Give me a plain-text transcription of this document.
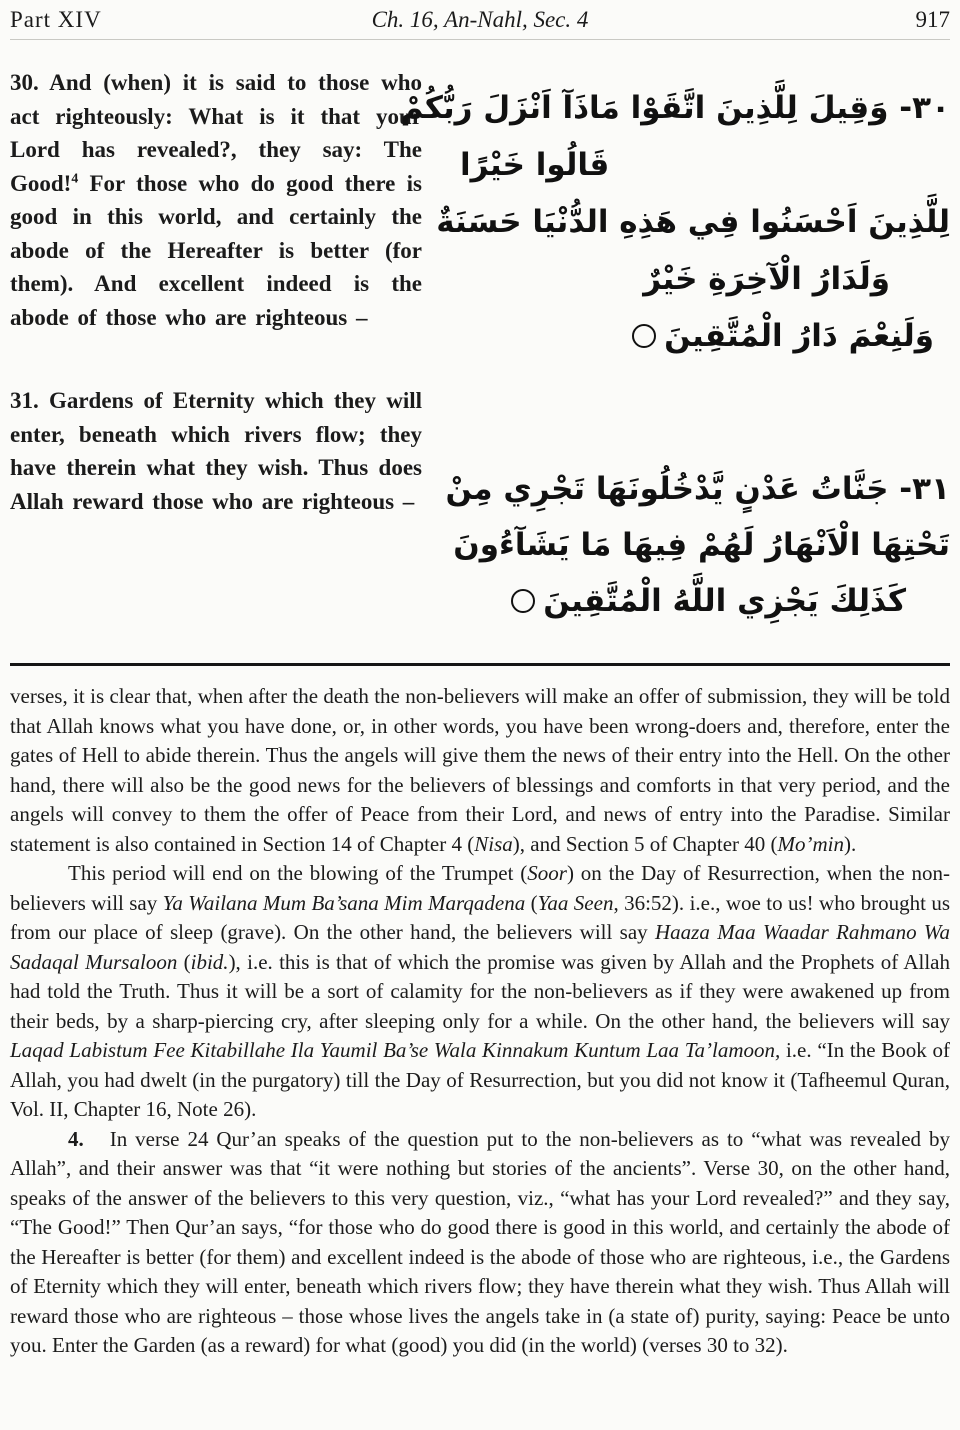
Part XIV	Ch. 16, An-Nahl, Sec. 4	917

30. And (when) it is said to those who act righteously: What is it that your Lord has revealed?, they say: The Good!$^4$ For those who do good there is good in this world, and certainly the abode of the Hereafter is better (for them). And excellent indeed is the abode of those who are righteous –

31. Gardens of Eternity which they will enter, beneath which rivers flow; they have therein what they wish. Thus does Allah reward those who are righteous –

٣٠- وَقِيلَ لِلَّذِينَ اتَّقَوْا مَاذَآ اَنْزَلَ رَبُّكُمْ
قَالُوا خَيْرًا
لِلَّذِينَ اَحْسَنُوا فِي هَذِهِ الدُّنْيَا حَسَنَةٌ
وَلَدَارُ الْآخِرَةِ خَيْرٌ
وَلَنِعْمَ دَارُ الْمُتَّقِينَ
٣١- جَنَّاتُ عَدْنٍ يَّدْخُلُونَهَا تَجْرِي مِنْ
تَحْتِهَا الْاَنْهَارُ لَهُمْ فِيهَا مَا يَشَآءُونَ
كَذَلِكَ يَجْزِي اللَّهُ الْمُتَّقِينَ

verses, it is clear that, when after the death the non-believers will make an offer of submission, they will be told that Allah knows what you have done, or, in other words, you have been wrong-doers and, therefore, enter the gates of Hell to abide therein. Thus the angels will give them the news of their entry into the Hell. On the other hand, there will also be the good news for the believers of blessings and comforts in that very period, and the angels will convey to them the offer of Peace from their Lord, and news of entry into the Paradise. Similar statement is also contained in Section 14 of Chapter 4 (Nisa), and Section 5 of Chapter 40 (Mo’min).

This period will end on the blowing of the Trumpet (Soor) on the Day of Resurrection, when the non-believers will say Ya Wailana Mum Ba’sana Mim Marqadena (Yaa Seen, 36:52). i.e., woe to us! who brought us from our place of sleep (grave). On the other hand, the believers will say Haaza Maa Waadar Rahmano Wa Sadaqal Mursaloon (ibid.), i.e. this is that of which the promise was given by Allah and the Prophets of Allah had told the Truth. Thus it will be a sort of calamity for the non-believers as if they were awakened up from their beds, by a sharp-piercing cry, after sleeping only for a while. On the other hand, the believers will say Laqad Labistum Fee Kitabillahe Ila Yaumil Ba’se Wala Kinnakum Kuntum Laa Ta’lamoon, i.e. “In the Book of Allah, you had dwelt (in the purgatory) till the Day of Resurrection, but you did not know it (Tafheemul Quran, Vol. II, Chapter 16, Note 26).

4. In verse 24 Qur’an speaks of the question put to the non-believers as to “what was revealed by Allah”, and their answer was that “it were nothing but stories of the ancients”. Verse 30, on the other hand, speaks of the answer of the believers to this very question, viz., “what has your Lord revealed?” and they say, “The Good!” Then Qur’an says, “for those who do good there is good in this world, and certainly the abode of the Hereafter is better (for them) and excellent indeed is the abode of those who are righteous, i.e., the Gardens of Eternity which they will enter, beneath which rivers flow; they have therein what they wish. Thus Allah will reward those who are righteous – those whose lives the angels take in (a state of) purity, saying: Peace be unto you. Enter the Garden (as a reward) for what (good) you did (in the world) (verses 30 to 32).
